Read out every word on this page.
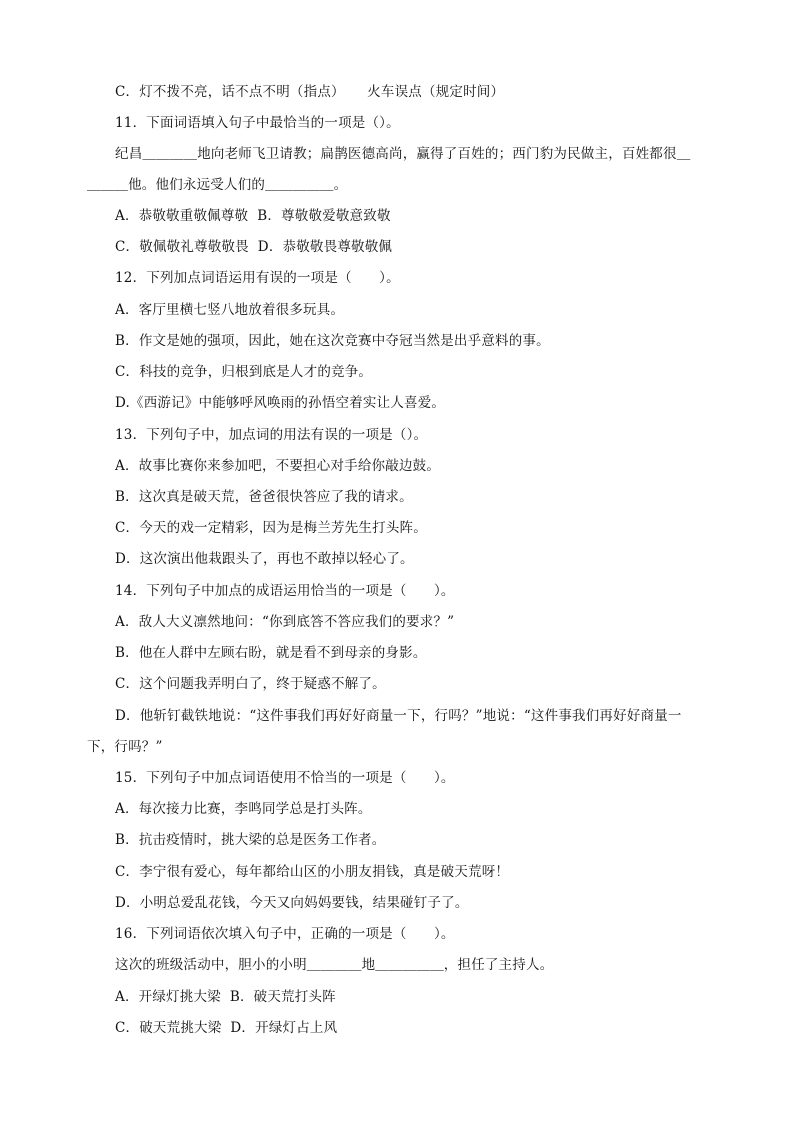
C．灯不拨不亮，话不点不明（指点）     火车误点（规定时间）
11．下面词语填入句子中最恰当的一项是（）。
纪昌＿＿＿＿地向老师飞卫请教；扁鹊医德高尚，赢得了百姓的；西门豹为民做主，百姓都很＿
＿＿＿他。他们永远受人们的＿＿＿＿＿。
A．恭敬敬重敬佩尊敬  B．尊敬敬爱敬意致敬
C．敬佩敬礼尊敬敬畏  D．恭敬敬畏尊敬敬佩
12．下列加点词语运用有误的一项是（　　）。
A．客厅里横七竖八地放着很多玩具。
B．作文是她的强项，因此，她在这次竞赛中夺冠当然是出乎意料的事。
C．科技的竞争，归根到底是人才的竞争。
D.《西游记》中能够呼风唤雨的孙悟空着实让人喜爱。
13．下列句子中，加点词的用法有误的一项是（）。
A．故事比赛你来参加吧，不要担心对手给你敲边鼓。
B．这次真是破天荒，爸爸很快答应了我的请求。
C．今天的戏一定精彩，因为是梅兰芳先生打头阵。
D．这次演出他栽跟头了，再也不敢掉以轻心了。
14．下列句子中加点的成语运用恰当的一项是（　　）。
A．敌人大义凛然地问：“你到底答不答应我们的要求？”
B．他在人群中左顾右盼，就是看不到母亲的身影。
C．这个问题我弄明白了，终于疑惑不解了。
D．他斩钉截铁地说：“这件事我们再好好商量一下，行吗？”地说：“这件事我们再好好商量一
下，行吗？”
15．下列句子中加点词语使用不恰当的一项是（　　）。
A．每次接力比赛，李鸣同学总是打头阵。
B．抗击疫情时，挑大梁的总是医务工作者。
C．李宁很有爱心，每年都给山区的小朋友捐钱，真是破天荒呀！
D．小明总爱乱花钱，今天又向妈妈要钱，结果碰钉子了。
16．下列词语依次填入句子中，正确的一项是（　　）。
这次的班级活动中，胆小的小明＿＿＿＿地＿＿＿＿＿，担任了主持人。
A．开绿灯挑大梁  B．破天荒打头阵
C．破天荒挑大梁  D．开绿灯占上风
